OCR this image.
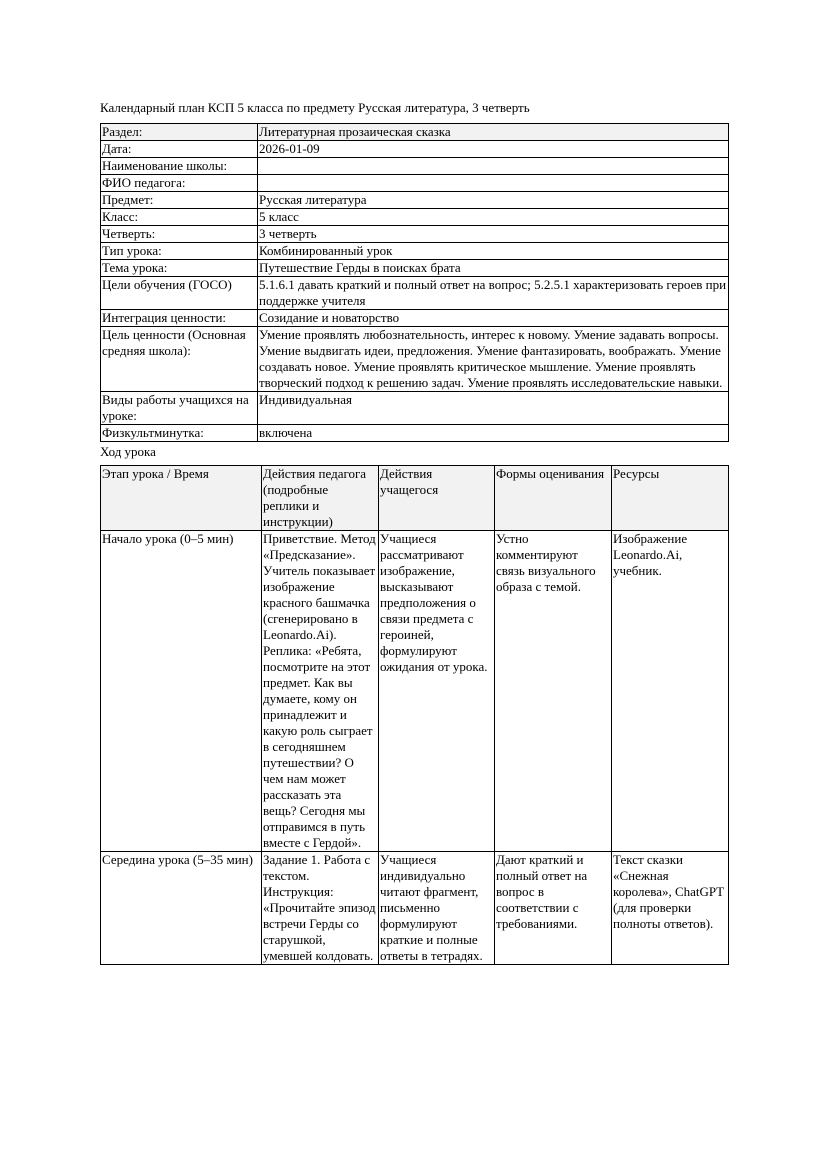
Календарный план КСП 5 класса по предмету Русская литература, 3 четверть
Раздел:	Литературная прозаическая сказка
Дата:	2026-01-09
Наименование школы:	
ФИО педагога:	
Предмет:	Русская литература
Класс:	5 класс
Четверть:	3 четверть
Тип урока:	Комбинированный урок
Тема урока:	Путешествие Герды в поисках брата
Цели обучения (ГОСО)	5.1.6.1 давать краткий и полный ответ на вопрос; 5.2.5.1 характеризовать героев при поддержке учителя
Интеграция ценности:	Созидание и новаторство
Цель ценности (Основная средняя школа):	Умение проявлять любознательность, интерес к новому. Умение задавать вопросы. Умение выдвигать идеи, предложения. Умение фантазировать, воображать. Умение создавать новое. Умение проявлять критическое мышление. Умение проявлять творческий подход к решению задач. Умение проявлять исследовательские навыки.
Виды работы учащихся на уроке:	Индивидуальная
Физкультминутка:	включена
Ход урока
Этап урока / Время	Действия педагога (подробные реплики и инструкции)	Действия учащегося	Формы оценивания	Ресурсы
Начало урока (0–5 мин)	Приветствие. Метод «Предсказание». Учитель показывает изображение красного башмачка (сгенерировано в Leonardo.Ai). Реплика: «Ребята, посмотрите на этот предмет. Как вы думаете, кому он принадлежит и какую роль сыграет в сегодняшнем путешествии? О чем нам может рассказать эта вещь? Сегодня мы отправимся в путь вместе с Гердой».	Учащиеся рассматривают изображение, высказывают предположения о связи предмета с героиней, формулируют ожидания от урока.	Устно комментируют связь визуального образа с темой.	Изображение Leonardo.Ai, учебник.
Середина урока (5–35 мин)	Задание 1. Работа с текстом. Инструкция: «Прочитайте эпизод встречи Герды со старушкой, умевшей колдовать.	Учащиеся индивидуально читают фрагмент, письменно формулируют краткие и полные ответы в тетрадях.	Дают краткий и полный ответ на вопрос в соответствии с требованиями.	Текст сказки «Снежная королева», ChatGPT (для проверки полноты ответов).
